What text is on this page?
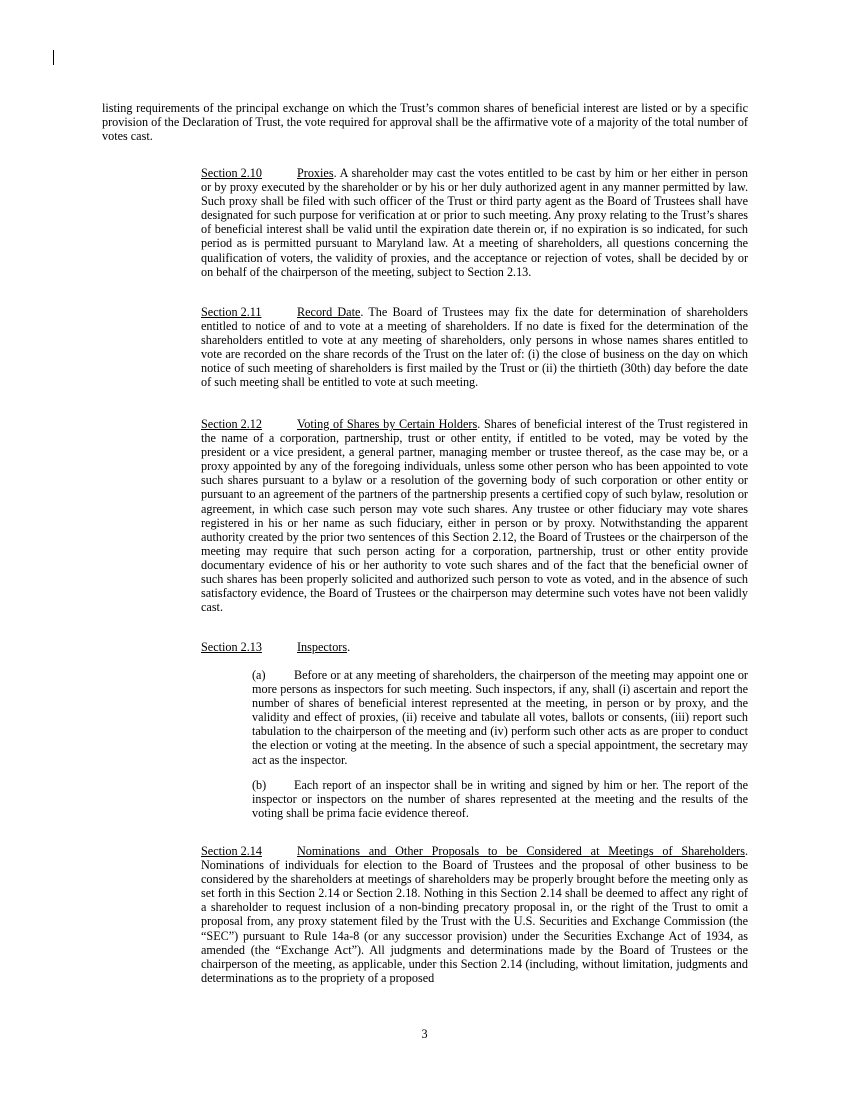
listing requirements of the principal exchange on which the Trust’s common shares of beneficial interest are listed or by a specific provision of the Declaration of Trust, the vote required for approval shall be the affirmative vote of a majority of the total number of votes cast.

Section 2.10	Proxies. A shareholder may cast the votes entitled to be cast by him or her either in person or by proxy executed by the shareholder or by his or her duly authorized agent in any manner permitted by law. Such proxy shall be filed with such officer of the Trust or third party agent as the Board of Trustees shall have designated for such purpose for verification at or prior to such meeting. Any proxy relating to the Trust’s shares of beneficial interest shall be valid until the expiration date therein or, if no expiration is so indicated, for such period as is permitted pursuant to Maryland law. At a meeting of shareholders, all questions concerning the qualification of voters, the validity of proxies, and the acceptance or rejection of votes, shall be decided by or on behalf of the chairperson of the meeting, subject to Section 2.13.

Section 2.11	Record Date. The Board of Trustees may fix the date for determination of shareholders entitled to notice of and to vote at a meeting of shareholders. If no date is fixed for the determination of the shareholders entitled to vote at any meeting of shareholders, only persons in whose names shares entitled to vote are recorded on the share records of the Trust on the later of: (i) the close of business on the day on which notice of such meeting of shareholders is first mailed by the Trust or (ii) the thirtieth (30th) day before the date of such meeting shall be entitled to vote at such meeting.

Section 2.12	Voting of Shares by Certain Holders. Shares of beneficial interest of the Trust registered in the name of a corporation, partnership, trust or other entity, if entitled to be voted, may be voted by the president or a vice president, a general partner, managing member or trustee thereof, as the case may be, or a proxy appointed by any of the foregoing individuals, unless some other person who has been appointed to vote such shares pursuant to a bylaw or a resolution of the governing body of such corporation or other entity or pursuant to an agreement of the partners of the partnership presents a certified copy of such bylaw, resolution or agreement, in which case such person may vote such shares. Any trustee or other fiduciary may vote shares registered in his or her name as such fiduciary, either in person or by proxy. Notwithstanding the apparent authority created by the prior two sentences of this Section 2.12, the Board of Trustees or the chairperson of the meeting may require that such person acting for a corporation, partnership, trust or other entity provide documentary evidence of his or her authority to vote such shares and of the fact that the beneficial owner of such shares has been properly solicited and authorized such person to vote as voted, and in the absence of such satisfactory evidence, the Board of Trustees or the chairperson may determine such votes have not been validly cast.

Section 2.13	Inspectors.

(a) Before or at any meeting of shareholders, the chairperson of the meeting may appoint one or more persons as inspectors for such meeting. Such inspectors, if any, shall (i) ascertain and report the number of shares of beneficial interest represented at the meeting, in person or by proxy, and the validity and effect of proxies, (ii) receive and tabulate all votes, ballots or consents, (iii) report such tabulation to the chairperson of the meeting and (iv) perform such other acts as are proper to conduct the election or voting at the meeting. In the absence of such a special appointment, the secretary may act as the inspector.

(b) Each report of an inspector shall be in writing and signed by him or her. The report of the inspector or inspectors on the number of shares represented at the meeting and the results of the voting shall be prima facie evidence thereof.

Section 2.14	Nominations and Other Proposals to be Considered at Meetings of Shareholders. Nominations of individuals for election to the Board of Trustees and the proposal of other business to be considered by the shareholders at meetings of shareholders may be properly brought before the meeting only as set forth in this Section 2.14 or Section 2.18. Nothing in this Section 2.14 shall be deemed to affect any right of a shareholder to request inclusion of a non-binding precatory proposal in, or the right of the Trust to omit a proposal from, any proxy statement filed by the Trust with the U.S. Securities and Exchange Commission (the “SEC”) pursuant to Rule 14a-8 (or any successor provision) under the Securities Exchange Act of 1934, as amended (the “Exchange Act”). All judgments and determinations made by the Board of Trustees or the chairperson of the meeting, as applicable, under this Section 2.14 (including, without limitation, judgments and determinations as to the propriety of a proposed

3
